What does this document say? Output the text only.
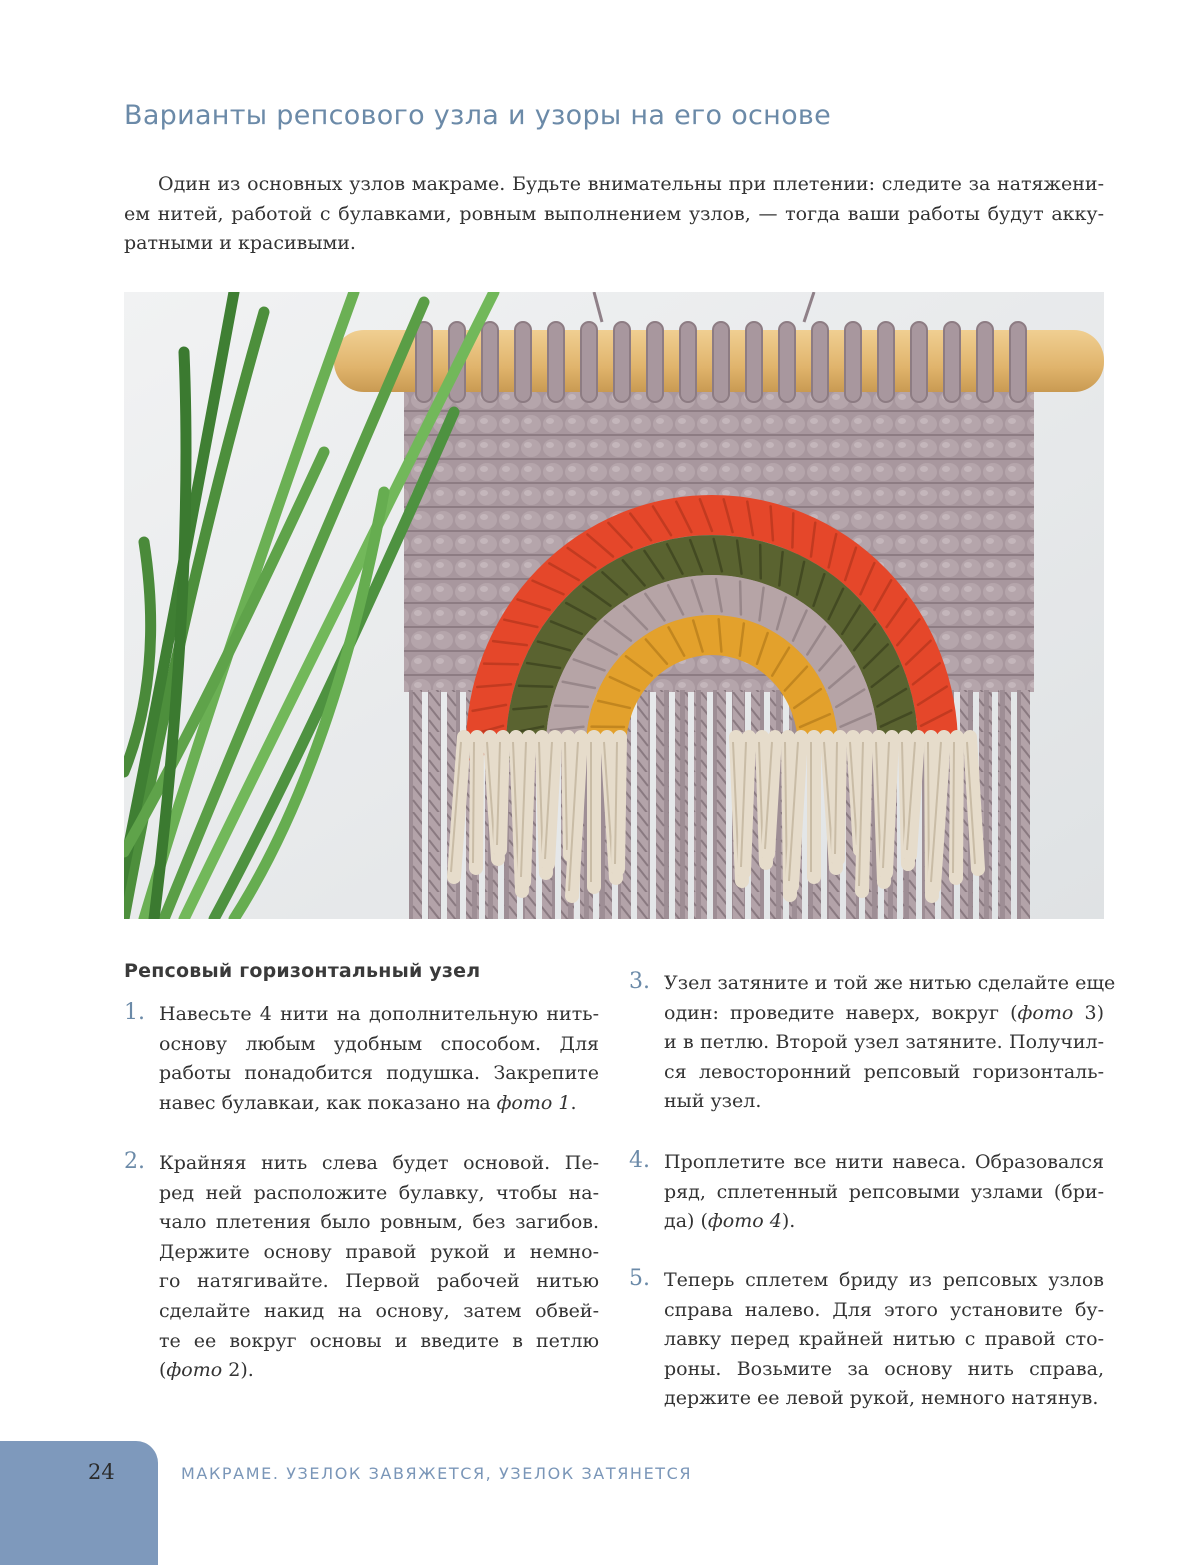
Варианты репсового узла и узоры на его основе

Один из основных узлов макраме. Будьте внимательны при плетении: следите за натяжени-
ем нитей, работой с булавками, ровным выполнением узлов, — тогда ваши работы будут акку-
ратными и красивыми.

Репсовый горизонтальный узел
1. Навесьте 4 нити на дополнительную нить-
основу любым удобным способом. Для
работы понадобится подушка. Закрепите
навес булавкаи, как показано на фото 1.
2. Крайняя нить слева будет основой. Пе-
ред ней расположите булавку, чтобы на-
чало плетения было ровным, без загибов.
Держите основу правой рукой и немно-
го натягивайте. Первой рабочей нитью
сделайте накид на основу, затем обвей-
те ее вокруг основы и введите в петлю
(фото 2).
3. Узел затяните и той же нитью сделайте еще
один: проведите наверх, вокруг (фото 3)
и в петлю. Второй узел затяните. Получил-
ся левосторонний репсовый горизонталь-
ный узел.
4. Проплетите все нити навеса. Образовался
ряд, сплетенный репсовыми узлами (бри-
да) (фото 4).
5. Теперь сплетем бриду из репсовых узлов
справа налево. Для этого установите бу-
лавку перед крайней нитью с правой сто-
роны. Возьмите за основу нить справа,
держите ее левой рукой, немного натянув.
24	МАКРАМЕ. УЗЕЛОК ЗАВЯЖЕТСЯ, УЗЕЛОК ЗАТЯНЕТСЯ
